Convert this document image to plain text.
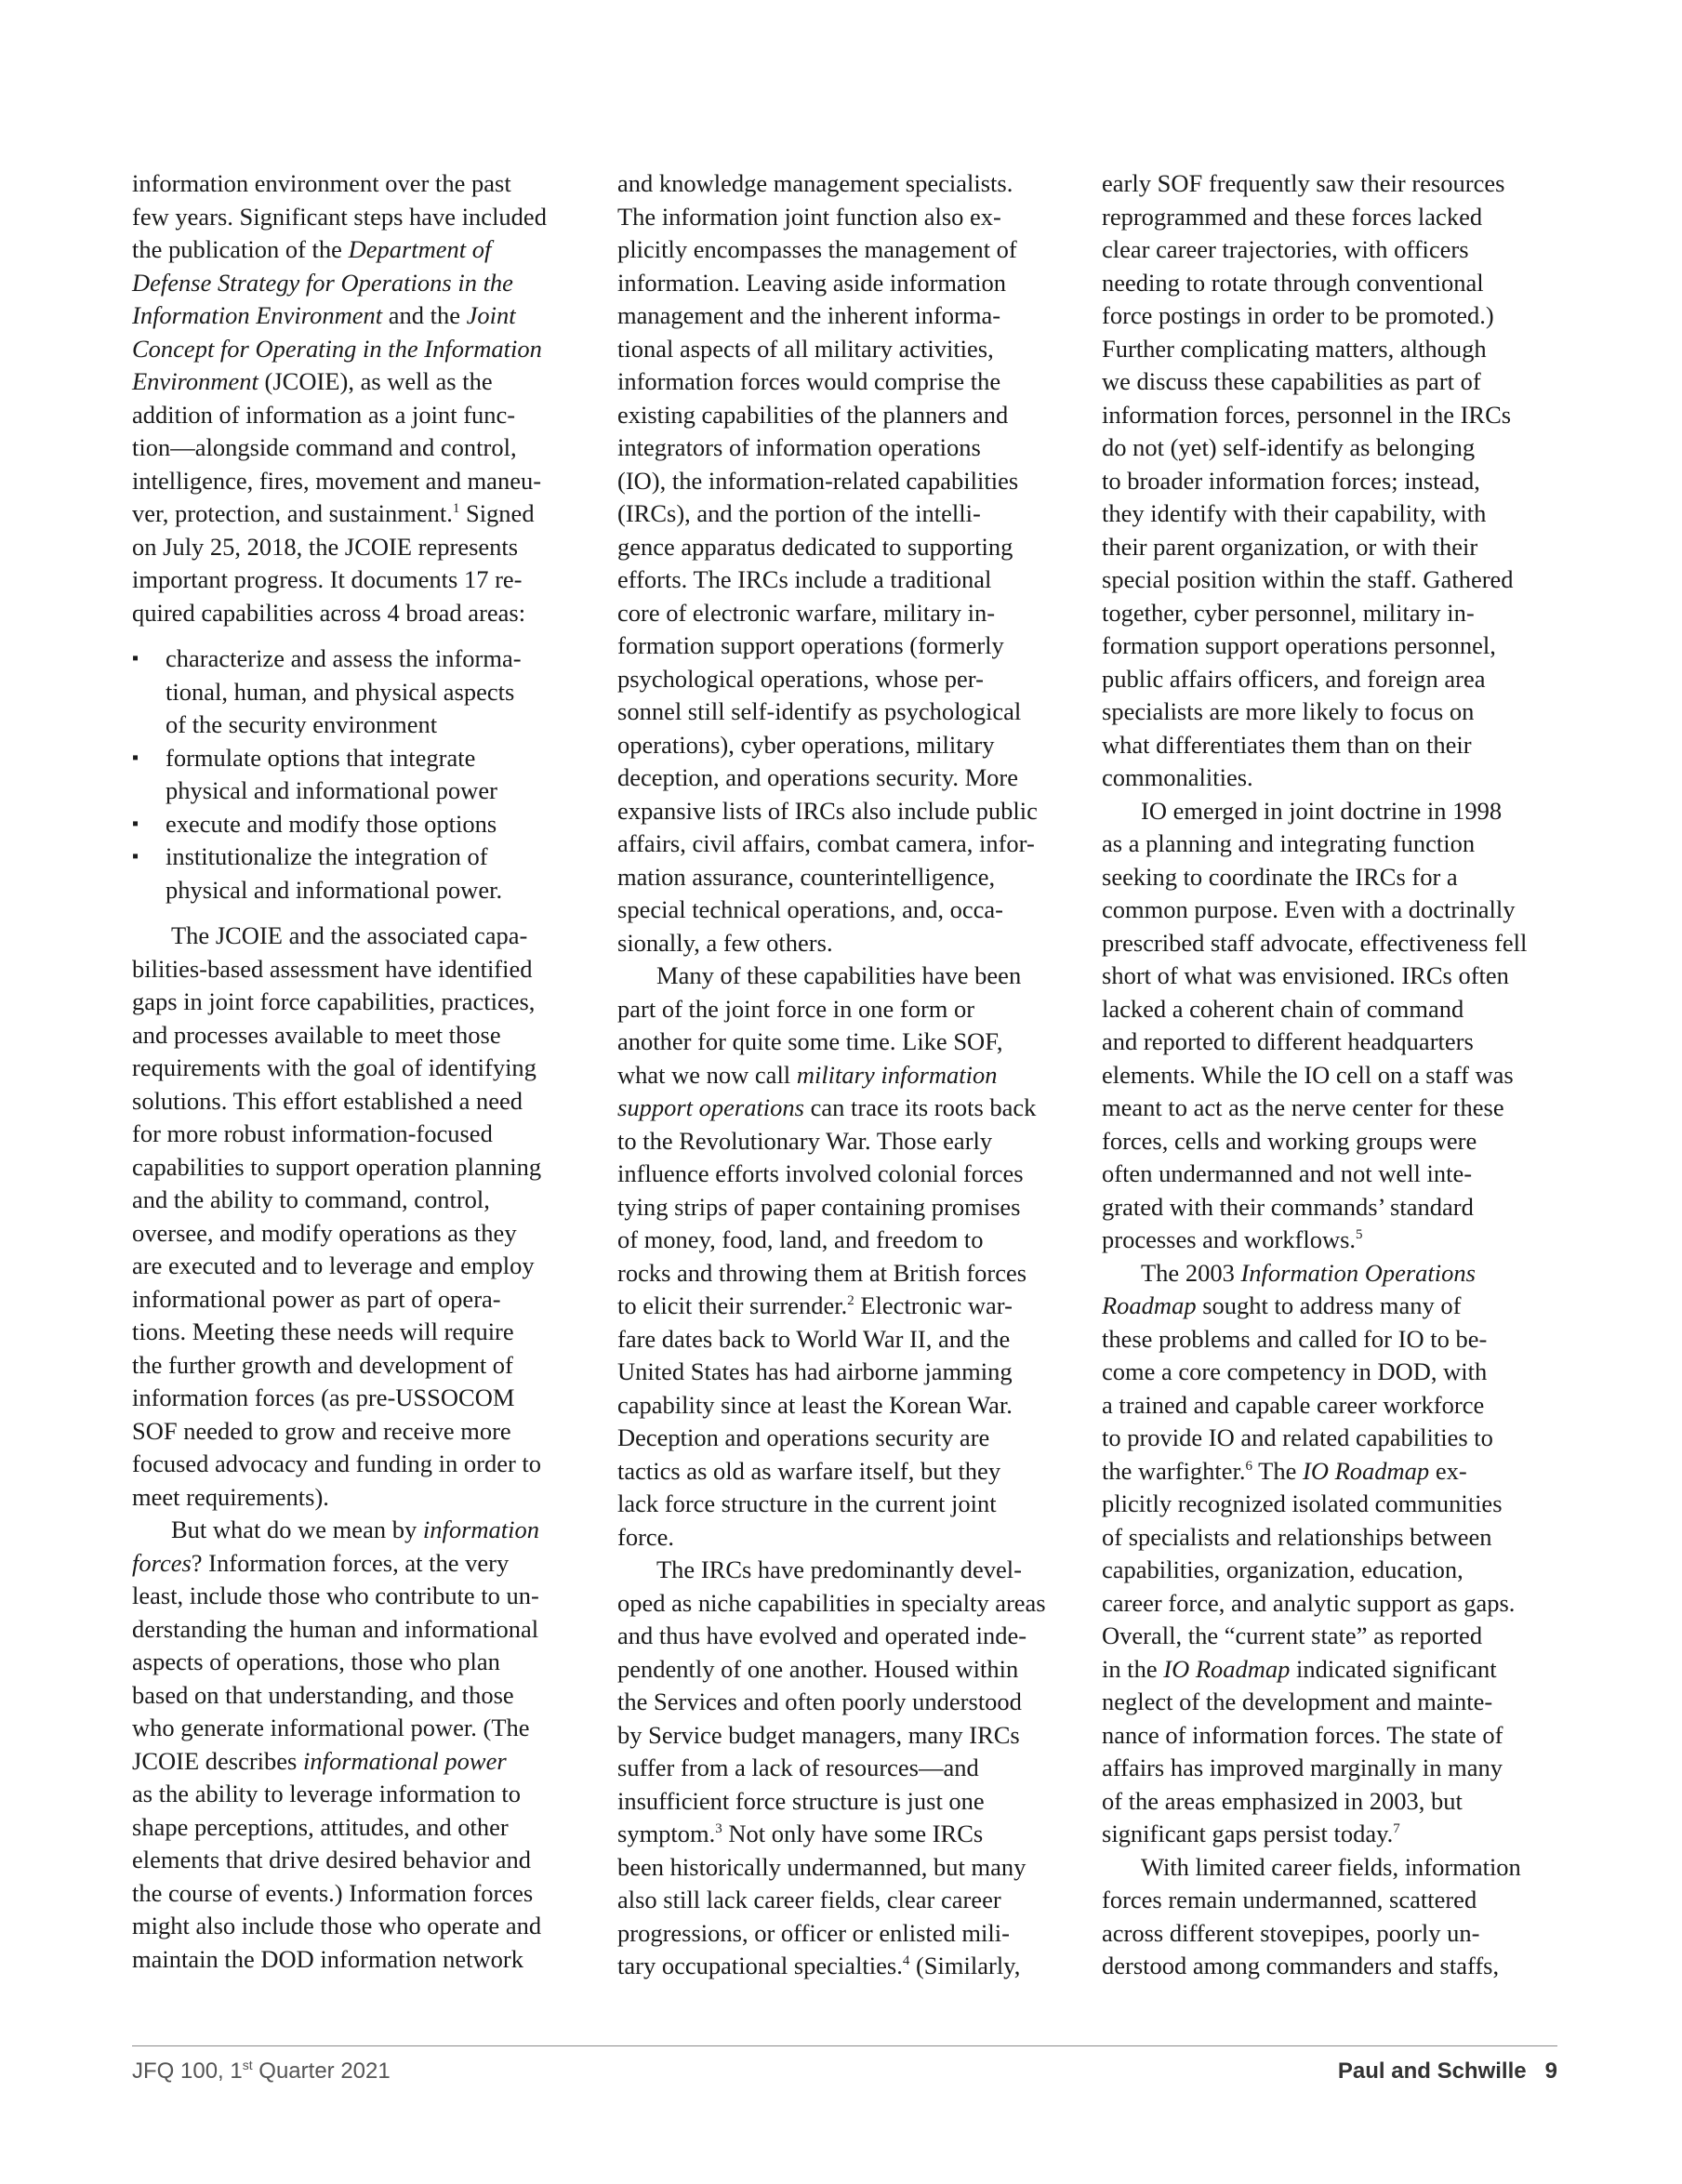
information environment over the past
few years. Significant steps have included
the publication of the Department of
Defense Strategy for Operations in the
Information Environment and the Joint
Concept for Operating in the Information
Environment (JCOIE), as well as the
addition of information as a joint func-
tion—alongside command and control,
intelligence, fires, movement and maneu-
ver, protection, and sustainment.$^1$ Signed
on July 25, 2018, the JCOIE represents
important progress. It documents 17 re-
quired capabilities across 4 broad areas:
▪ characterize and assess the informa-
tional, human, and physical aspects
of the security environment
▪ formulate options that integrate
physical and informational power
▪ execute and modify those options
▪ institutionalize the integration of
physical and informational power.
The JCOIE and the associated capa-
bilities-based assessment have identified
gaps in joint force capabilities, practices,
and processes available to meet those
requirements with the goal of identifying
solutions. This effort established a need
for more robust information-focused
capabilities to support operation planning
and the ability to command, control,
oversee, and modify operations as they
are executed and to leverage and employ
informational power as part of opera-
tions. Meeting these needs will require
the further growth and development of
information forces (as pre-USSOCOM
SOF needed to grow and receive more
focused advocacy and funding in order to
meet requirements).
But what do we mean by information
forces? Information forces, at the very
least, include those who contribute to un-
derstanding the human and informational
aspects of operations, those who plan
based on that understanding, and those
who generate informational power. (The
JCOIE describes informational power
as the ability to leverage information to
shape perceptions, attitudes, and other
elements that drive desired behavior and
the course of events.) Information forces
might also include those who operate and
maintain the DOD information network
and knowledge management specialists.
The information joint function also ex-
plicitly encompasses the management of
information. Leaving aside information
management and the inherent informa-
tional aspects of all military activities,
information forces would comprise the
existing capabilities of the planners and
integrators of information operations
(IO), the information-related capabilities
(IRCs), and the portion of the intelli-
gence apparatus dedicated to supporting
efforts. The IRCs include a traditional
core of electronic warfare, military in-
formation support operations (formerly
psychological operations, whose per-
sonnel still self-identify as psychological
operations), cyber operations, military
deception, and operations security. More
expansive lists of IRCs also include public
affairs, civil affairs, combat camera, infor-
mation assurance, counterintelligence,
special technical operations, and, occa-
sionally, a few others.
Many of these capabilities have been
part of the joint force in one form or
another for quite some time. Like SOF,
what we now call military information
support operations can trace its roots back
to the Revolutionary War. Those early
influence efforts involved colonial forces
tying strips of paper containing promises
of money, food, land, and freedom to
rocks and throwing them at British forces
to elicit their surrender.$^2$ Electronic war-
fare dates back to World War II, and the
United States has had airborne jamming
capability since at least the Korean War.
Deception and operations security are
tactics as old as warfare itself, but they
lack force structure in the current joint
force.
The IRCs have predominantly devel-
oped as niche capabilities in specialty areas
and thus have evolved and operated inde-
pendently of one another. Housed within
the Services and often poorly understood
by Service budget managers, many IRCs
suffer from a lack of resources—and
insufficient force structure is just one
symptom.$^3$ Not only have some IRCs
been historically undermanned, but many
also still lack career fields, clear career
progressions, or officer or enlisted mili-
tary occupational specialties.$^4$ (Similarly,
early SOF frequently saw their resources
reprogrammed and these forces lacked
clear career trajectories, with officers
needing to rotate through conventional
force postings in order to be promoted.)
Further complicating matters, although
we discuss these capabilities as part of
information forces, personnel in the IRCs
do not (yet) self-identify as belonging
to broader information forces; instead,
they identify with their capability, with
their parent organization, or with their
special position within the staff. Gathered
together, cyber personnel, military in-
formation support operations personnel,
public affairs officers, and foreign area
specialists are more likely to focus on
what differentiates them than on their
commonalities.
IO emerged in joint doctrine in 1998
as a planning and integrating function
seeking to coordinate the IRCs for a
common purpose. Even with a doctrinally
prescribed staff advocate, effectiveness fell
short of what was envisioned. IRCs often
lacked a coherent chain of command
and reported to different headquarters
elements. While the IO cell on a staff was
meant to act as the nerve center for these
forces, cells and working groups were
often undermanned and not well inte-
grated with their commands’ standard
processes and workflows.$^5$
The 2003 Information Operations
Roadmap sought to address many of
these problems and called for IO to be-
come a core competency in DOD, with
a trained and capable career workforce
to provide IO and related capabilities to
the warfighter.$^6$ The IO Roadmap ex-
plicitly recognized isolated communities
of specialists and relationships between
capabilities, organization, education,
career force, and analytic support as gaps.
Overall, the “current state” as reported
in the IO Roadmap indicated significant
neglect of the development and mainte-
nance of information forces. The state of
affairs has improved marginally in many
of the areas emphasized in 2003, but
significant gaps persist today.$^7$
With limited career fields, information
forces remain undermanned, scattered
across different stovepipes, poorly un-
derstood among commanders and staffs,
JFQ 100, 1st Quarter 2021	Paul and Schwille 9
